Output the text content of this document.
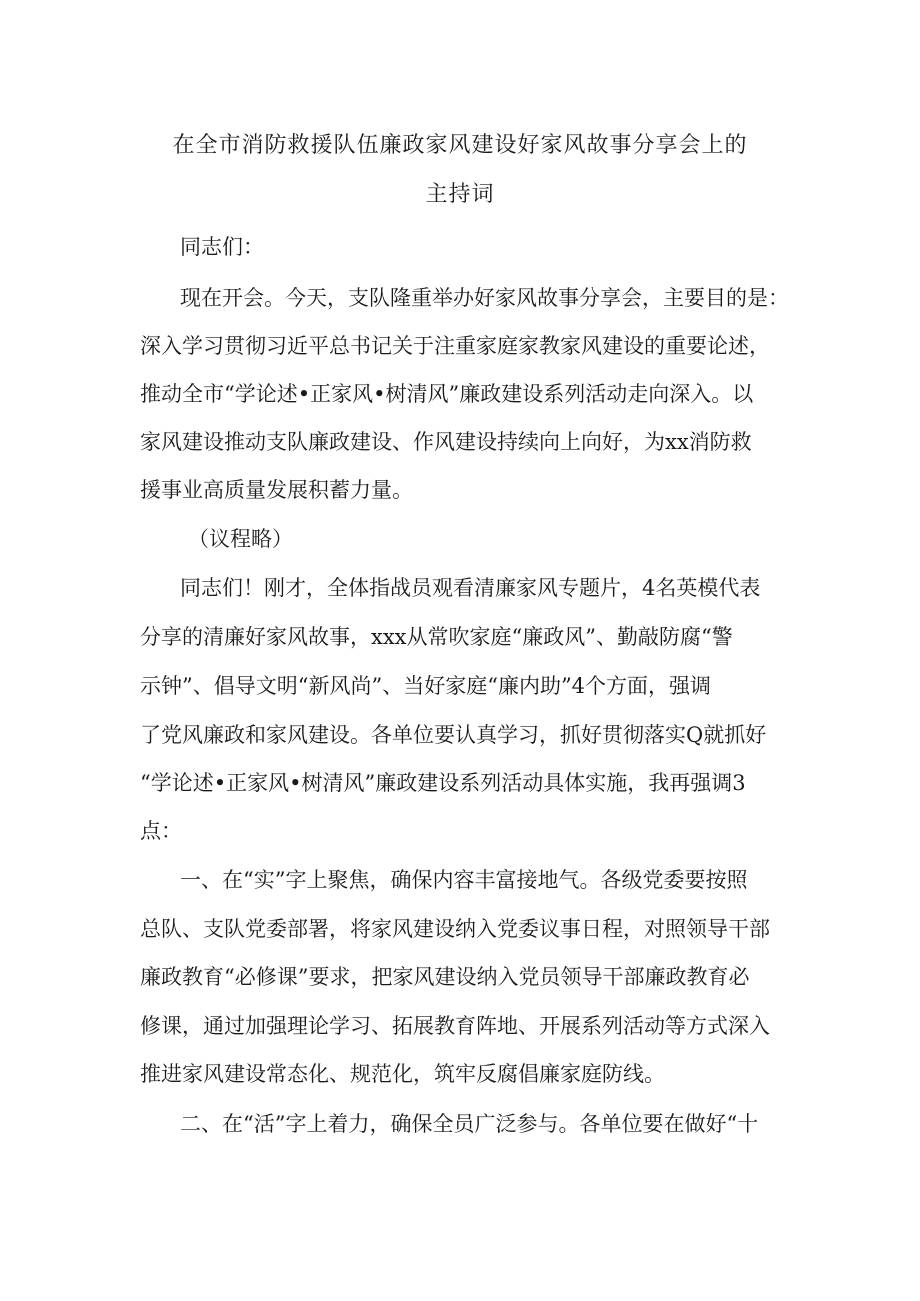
在全市消防救援队伍廉政家风建设好家风故事分享会上的
主持词

同志们：

现在开会。今天，支队隆重举办好家风故事分享会，主要目的是：

深入学习贯彻习近平总书记关于注重家庭家教家风建设的重要论述，

推动全市“学论述•正家风•树清风”廉政建设系列活动走向深入。以

家风建设推动支队廉政建设、作风建设持续向上向好，为xx消防救

援事业高质量发展积蓄力量。

（议程略）

同志们！刚才，全体指战员观看清廉家风专题片，4名英模代表

分享的清廉好家风故事，xxx从常吹家庭“廉政风”、勤敲防腐“警

示钟”、倡导文明“新风尚”、当好家庭“廉内助”4个方面，强调

了党风廉政和家风建设。各单位要认真学习，抓好贯彻落实Q就抓好

“学论述•正家风•树清风”廉政建设系列活动具体实施，我再强调3

点：

一、在“实”字上聚焦，确保内容丰富接地气。各级党委要按照

总队、支队党委部署，将家风建设纳入党委议事日程，对照领导干部

廉政教育“必修课”要求，把家风建设纳入党员领导干部廉政教育必

修课，通过加强理论学习、拓展教育阵地、开展系列活动等方式深入

推进家风建设常态化、规范化，筑牢反腐倡廉家庭防线。

二、在“活”字上着力，确保全员广泛参与。各单位要在做好“十
